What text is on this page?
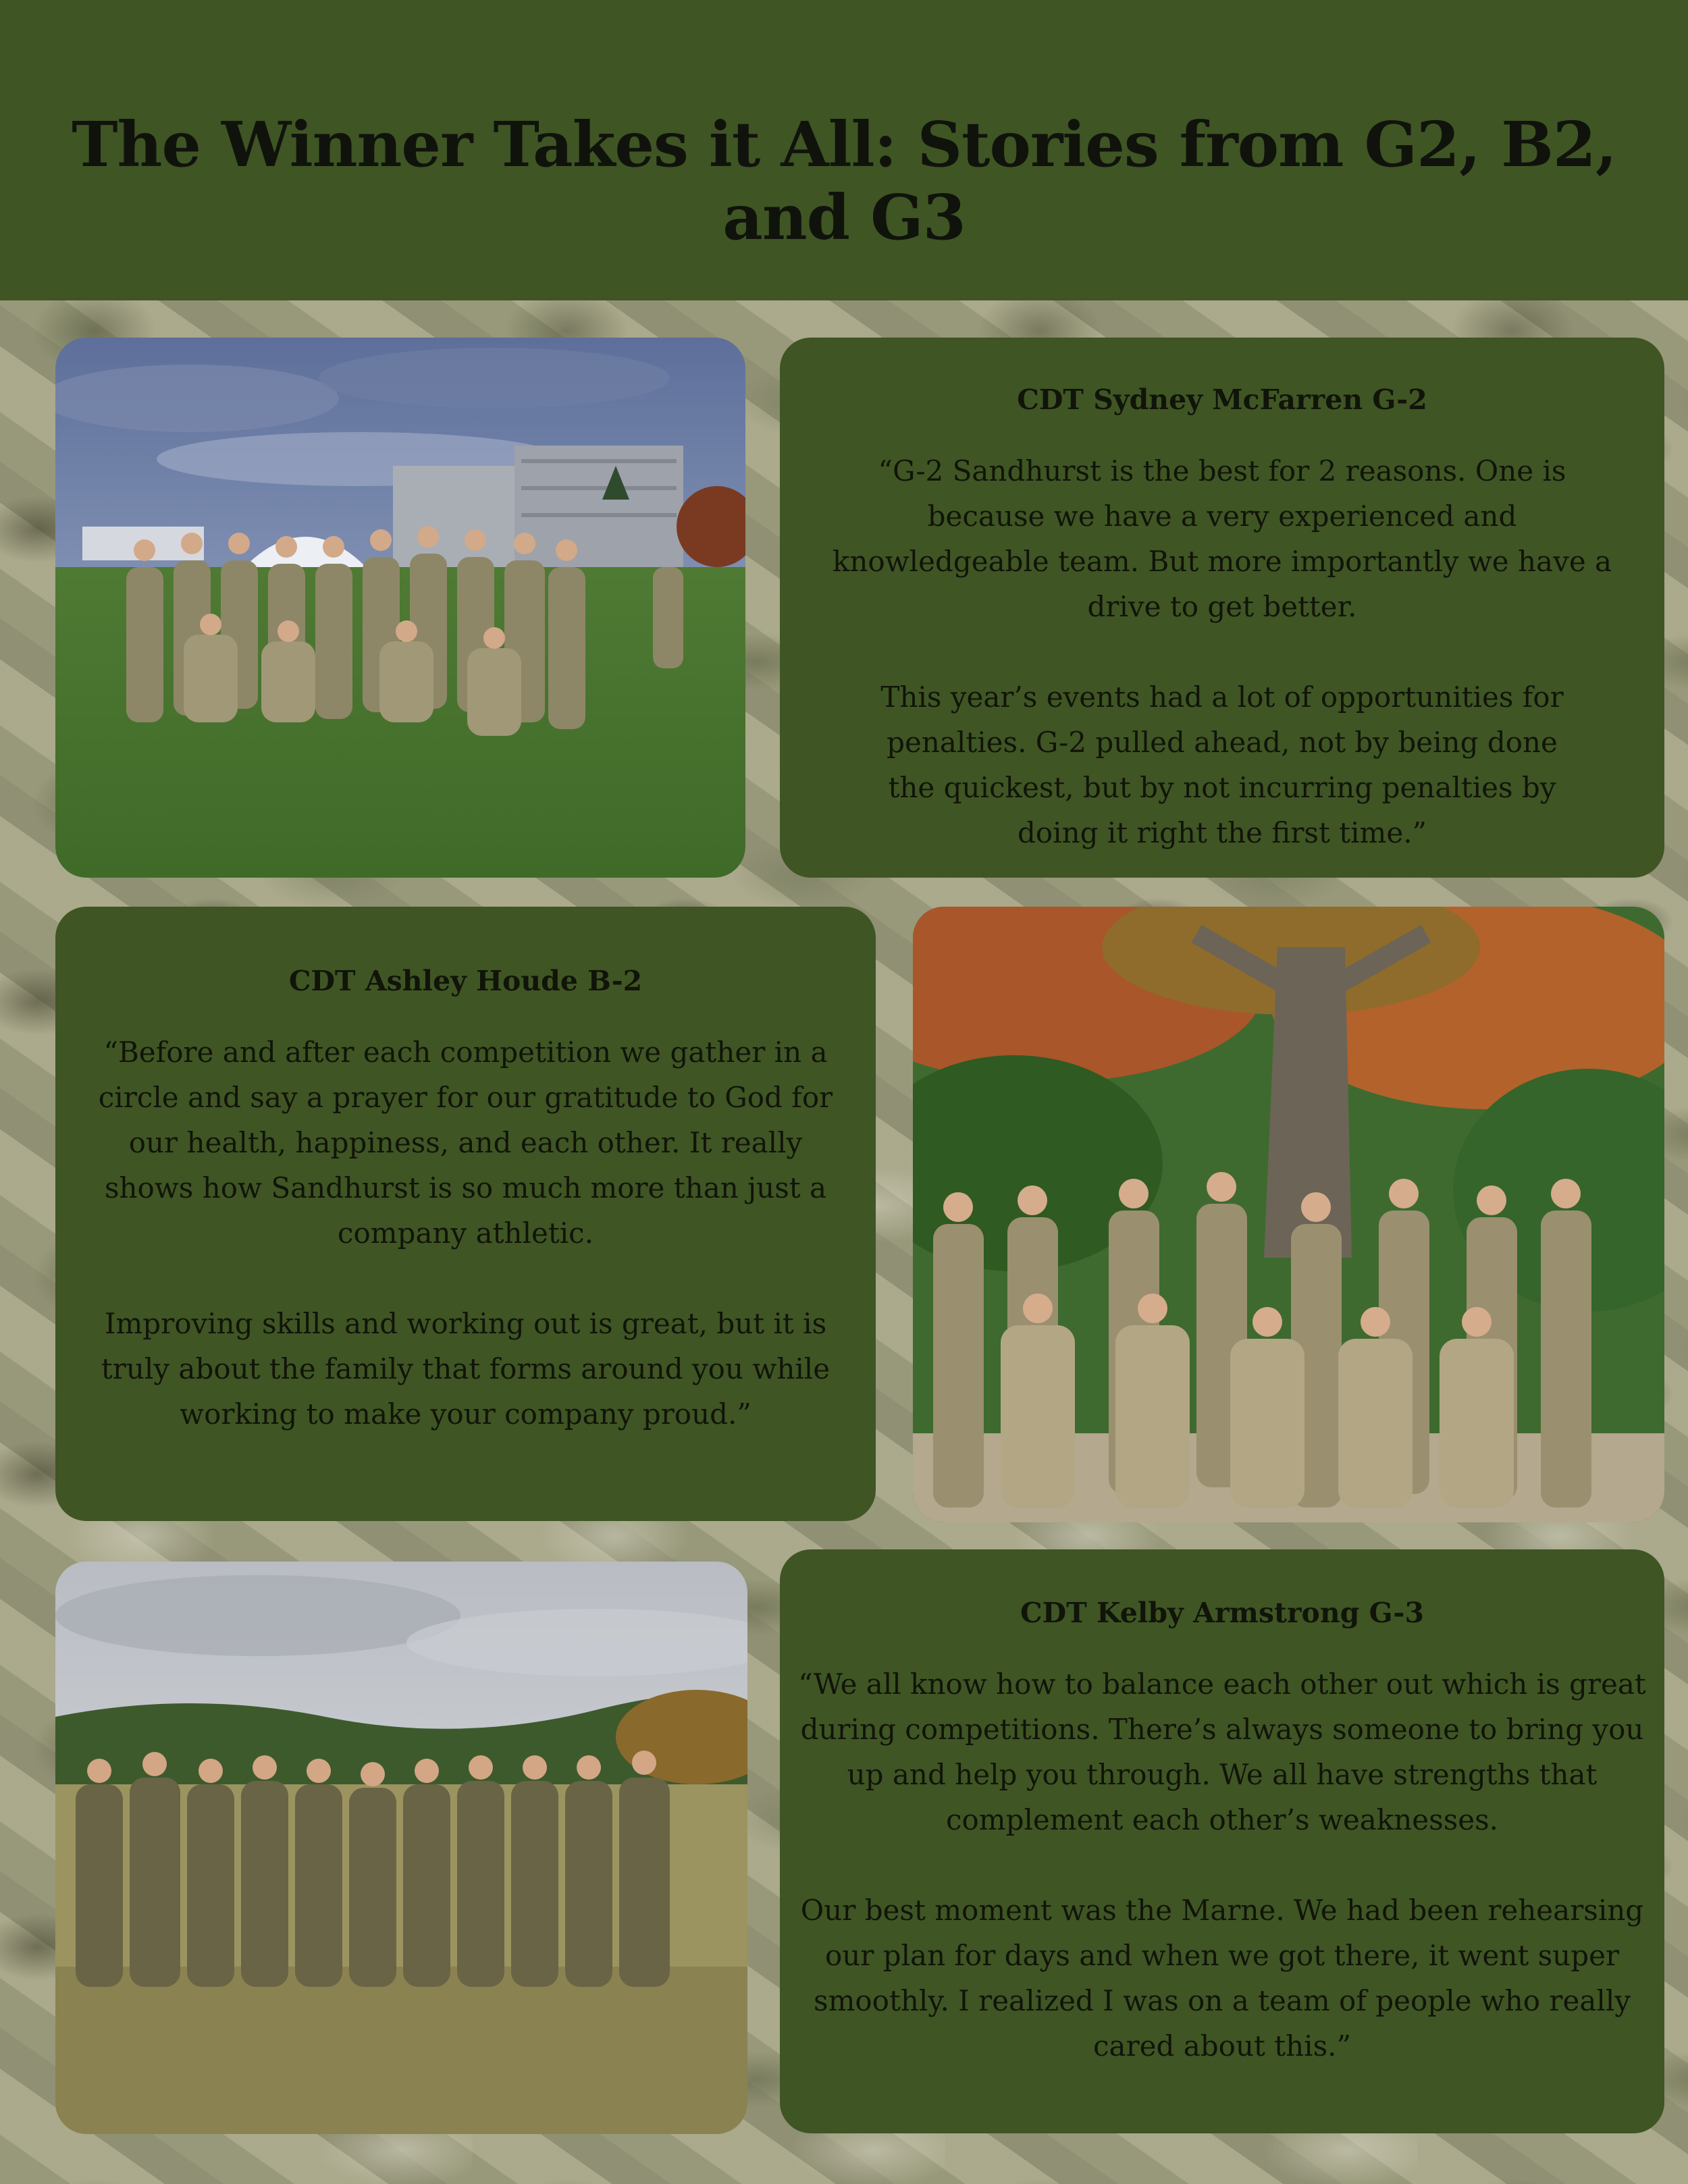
The Winner Takes it All: Stories from G2, B2, and G3
CDT Sydney McFarren G-2

“G-2 Sandhurst is the best for 2 reasons. One is because we have a very experienced and knowledgeable team. But more importantly we have a drive to get better.

This year’s events had a lot of opportunities for penalties. G-2 pulled ahead, not by being done the quickest, but by not incurring penalties by doing it right the first time.”

CDT Ashley Houde B-2

“Before and after each competition we gather in a circle and say a prayer for our gratitude to God for our health, happiness, and each other. It really shows how Sandhurst is so much more than just a company athletic.

Improving skills and working out is great, but it is truly about the family that forms around you while working to make your company proud.”

CDT Kelby Armstrong G-3

“We all know how to balance each other out which is great during competitions. There’s always someone to bring you up and help you through. We all have strengths that complement each other’s weaknesses.

Our best moment was the Marne. We had been rehearsing our plan for days and when we got there, it went super smoothly. I realized I was on a team of people who really cared about this.”
